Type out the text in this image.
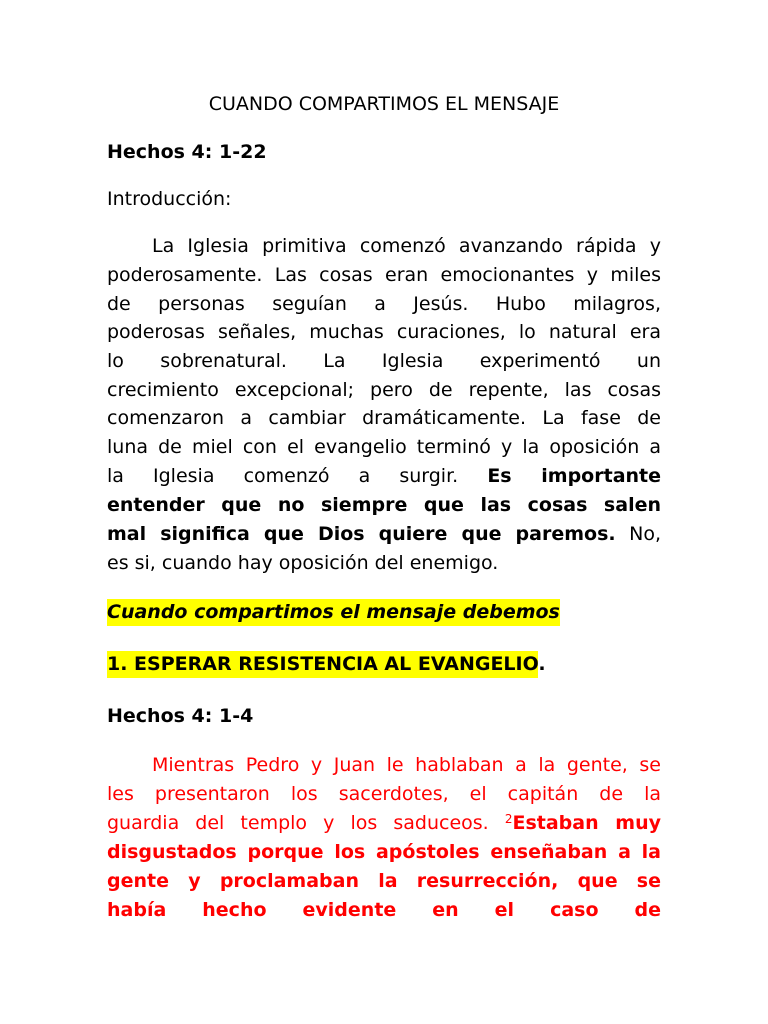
CUANDO COMPARTIMOS EL MENSAJE
Hechos 4: 1-22
Introducción:
La Iglesia primitiva comenzó avanzando rápida y
poderosamente. Las cosas eran emocionantes y miles
de personas seguían a Jesús. Hubo milagros,
poderosas señales, muchas curaciones, lo natural era
lo sobrenatural. La Iglesia experimentó un
crecimiento excepcional; pero de repente, las cosas
comenzaron a cambiar dramáticamente. La fase de
luna de miel con el evangelio terminó y la oposición a
la Iglesia comenzó a surgir. Es importante
entender que no siempre que las cosas salen
mal significa que Dios quiere que paremos. No,
es si, cuando hay oposición del enemigo.
Cuando compartimos el mensaje debemos
1. ESPERAR RESISTENCIA AL EVANGELIO.
Hechos 4: 1-4
Mientras Pedro y Juan le hablaban a la gente, se
les presentaron los sacerdotes, el capitán de la
guardia del templo y los saduceos. $^2$Estaban muy
disgustados porque los apóstoles enseñaban a la
gente y proclamaban la resurrección, que se
había hecho evidente en el caso de
